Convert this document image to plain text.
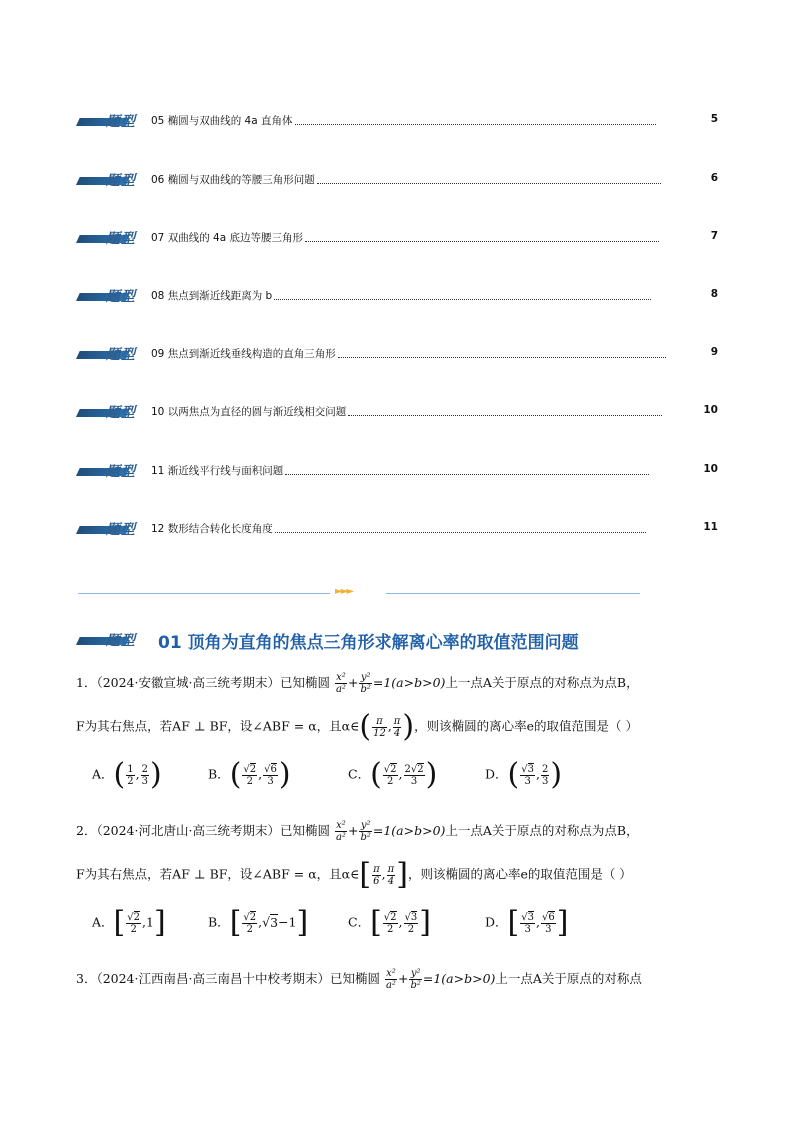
题型 05 椭圆与双曲线的 4a 直角体	5
题型 06 椭圆与双曲线的等腰三角形问题	6
题型 07 双曲线的 4a 底边等腰三角形	7
题型 08 焦点到渐近线距离为 b	8
题型 09 焦点到渐近线垂线构造的直角三角形	9
题型 10 以两焦点为直径的圆与渐近线相交问题	10
题型 11 渐近线平行线与面积问题	10
题型 12 数形结合转化长度角度	11
►►►
题型 01 顶角为直角的焦点三角形求解离心率的取值范围问题
1．（2024·安徽宣城·高三统考期末）已知椭圆 $\frac{\text{x²}}{\text{a²}} + \frac{\text{y²}}{\text{b²}} =1(a>b>0)$上一点A关于原点的对称点为点B，
F为其右焦点，若AF ⊥ BF，设∠ABF = α，且α∈( $\frac{\pi}{12}$ , $\frac{\pi}{4}$ )，则该椭圆的离心率e的取值范围是（ ）
A．( $\frac{1}{2}$ , $\frac{2}{3}$ )	B．( $\frac{√2}{2}$ , $\frac{√6}{3}$ )	C．( $\frac{√2}{2}$ , $\frac{2√2}{3}$ )	D．( $\frac{√3}{3}$ , $\frac{2}{3}$ )
2．（2024·河北唐山·高三统考期末）已知椭圆 $\frac{\text{x²}}{\text{a²}} + \frac{\text{y²}}{\text{b²}} =1(a>b>0)$上一点A关于原点的对称点为点B，
F为其右焦点，若AF ⊥ BF，设∠ABF = α，且α∈[ $\frac{\pi}{6}$ , $\frac{\pi}{4}$ ]，则该椭圆的离心率e的取值范围是（ ）
A．[ $\frac{√2}{2} ,1$]	B．[ $\frac{√2}{2} ,√3-1$]	C．[ $\frac{√2}{2}$ , $\frac{√3}{2}$ ]	D．[ $\frac{√3}{3}$ , $\frac{√6}{3}$ ]
3．（2024·江西南昌·高三南昌十中校考期末）已知椭圆 $\frac{\text{x²}}{\text{a²}} + \frac{\text{y²}}{\text{b²}} =1(a>b>0)$上一点A关于原点的对称点
